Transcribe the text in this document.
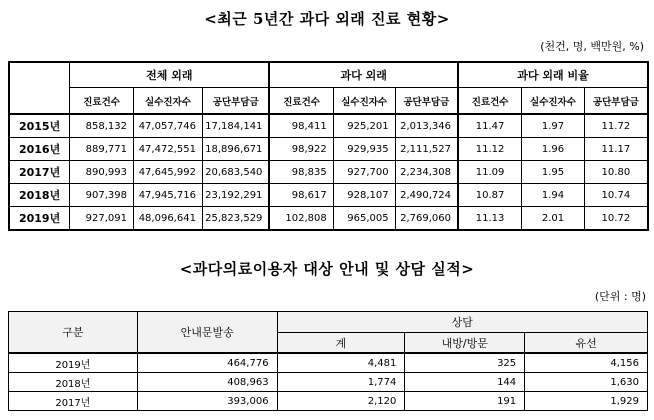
<최근 5년간 과다 외래 진료 현황>
(천건, 명, 백만원, %)
	전체 외래			과다 외래			과다 외래 비율		
	진료건수	실수진자수	공단부담금	진료건수	실수진자수	공단부담금	진료건수	실수진자수	공단부담금
2015년	858,132	47,057,746	17,184,141	98,411	925,201	2,013,346	11.47	1.97	11.72
2016년	889,771	47,472,551	18,896,671	98,922	929,935	2,111,527	11.12	1.96	11.17
2017년	890,993	47,645,992	20,683,540	98,835	927,700	2,234,308	11.09	1.95	10.80
2018년	907,398	47,945,716	23,192,291	98,617	928,107	2,490,724	10.87	1.94	10.74
2019년	927,091	48,096,641	25,823,529	102,808	965,005	2,769,060	11.13	2.01	10.72
<과다의료이용자 대상 안내 및 상담 실적>
(단위 : 명)
구분	안내문발송	상담		
		계	내방/방문	유선
2019년	464,776	4,481	325	4,156
2018년	408,963	1,774	144	1,630
2017년	393,006	2,120	191	1,929
